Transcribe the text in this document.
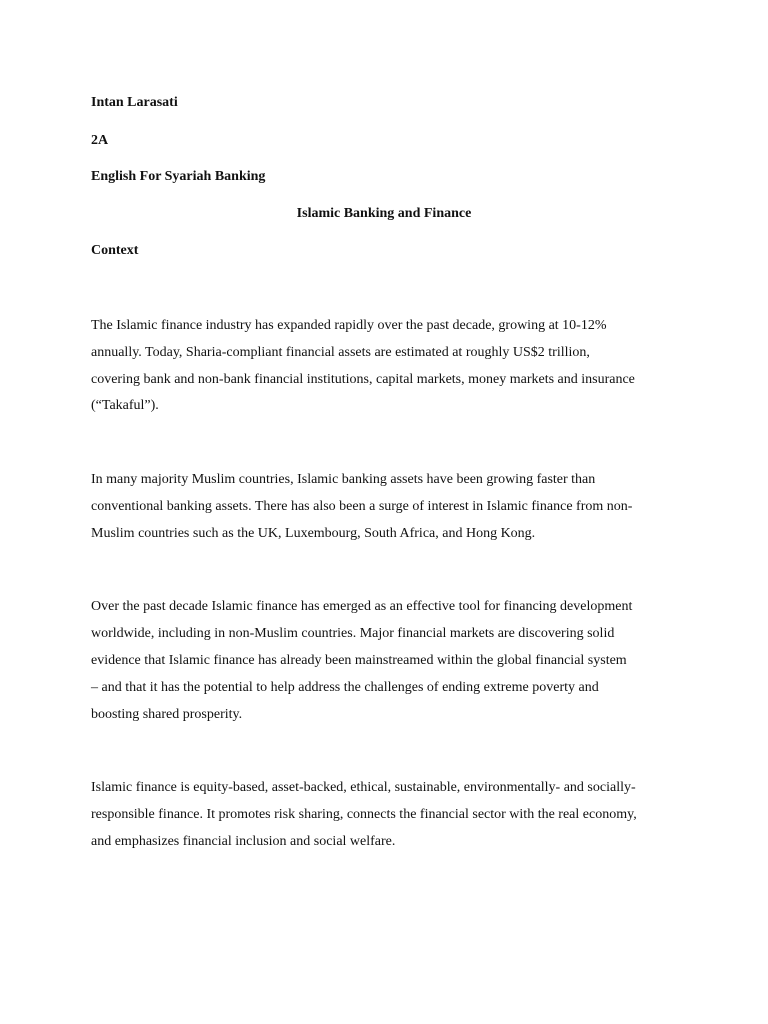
Intan Larasati
2A
English For Syariah Banking
Islamic Banking and Finance
Context
The Islamic finance industry has expanded rapidly over the past decade, growing at 10-12%
annually. Today, Sharia-compliant financial assets are estimated at roughly US$2 trillion,
covering bank and non-bank financial institutions, capital markets, money markets and insurance
(“Takaful”).
In many majority Muslim countries, Islamic banking assets have been growing faster than
conventional banking assets. There has also been a surge of interest in Islamic finance from non-
Muslim countries such as the UK, Luxembourg, South Africa, and Hong Kong.
Over the past decade Islamic finance has emerged as an effective tool for financing development
worldwide, including in non-Muslim countries. Major financial markets are discovering solid
evidence that Islamic finance has already been mainstreamed within the global financial system
– and that it has the potential to help address the challenges of ending extreme poverty and
boosting shared prosperity.
Islamic finance is equity-based, asset-backed, ethical, sustainable, environmentally- and socially-
responsible finance. It promotes risk sharing, connects the financial sector with the real economy,
and emphasizes financial inclusion and social welfare.
